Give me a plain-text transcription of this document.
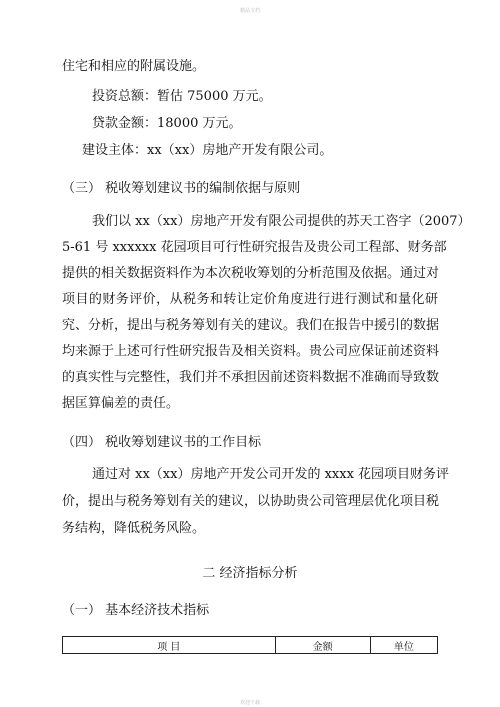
精品文档
住宅和相应的附属设施。
投资总额：暂估 75000 万元。
贷款金额：18000 万元。
建设主体：xx（xx）房地产开发有限公司。
（三） 税收筹划建议书的编制依据与原则
我们以 xx（xx）房地产开发有限公司提供的苏天工咨字（2007）
5-61 号 xxxxxx 花园项目可行性研究报告及贵公司工程部、财务部
提供的相关数据资料作为本次税收筹划的分析范围及依据。通过对
项目的财务评价，从税务和转让定价角度进行进行测试和量化研
究、分析，提出与税务筹划有关的建议。我们在报告中援引的数据
均来源于上述可行性研究报告及相关资料。贵公司应保证前述资料
的真实性与完整性，我们并不承担因前述资料数据不准确而导致数
据匡算偏差的责任。
（四） 税收筹划建议书的工作目标
通过对 xx（xx）房地产开发公司开发的 xxxx 花园项目财务评
价，提出与税务筹划有关的建议，以协助贵公司管理层优化项目税
务结构，降低税务风险。
二 经济指标分析
（一） 基本经济技术指标
项 目	金额	单位
欢迎下载
